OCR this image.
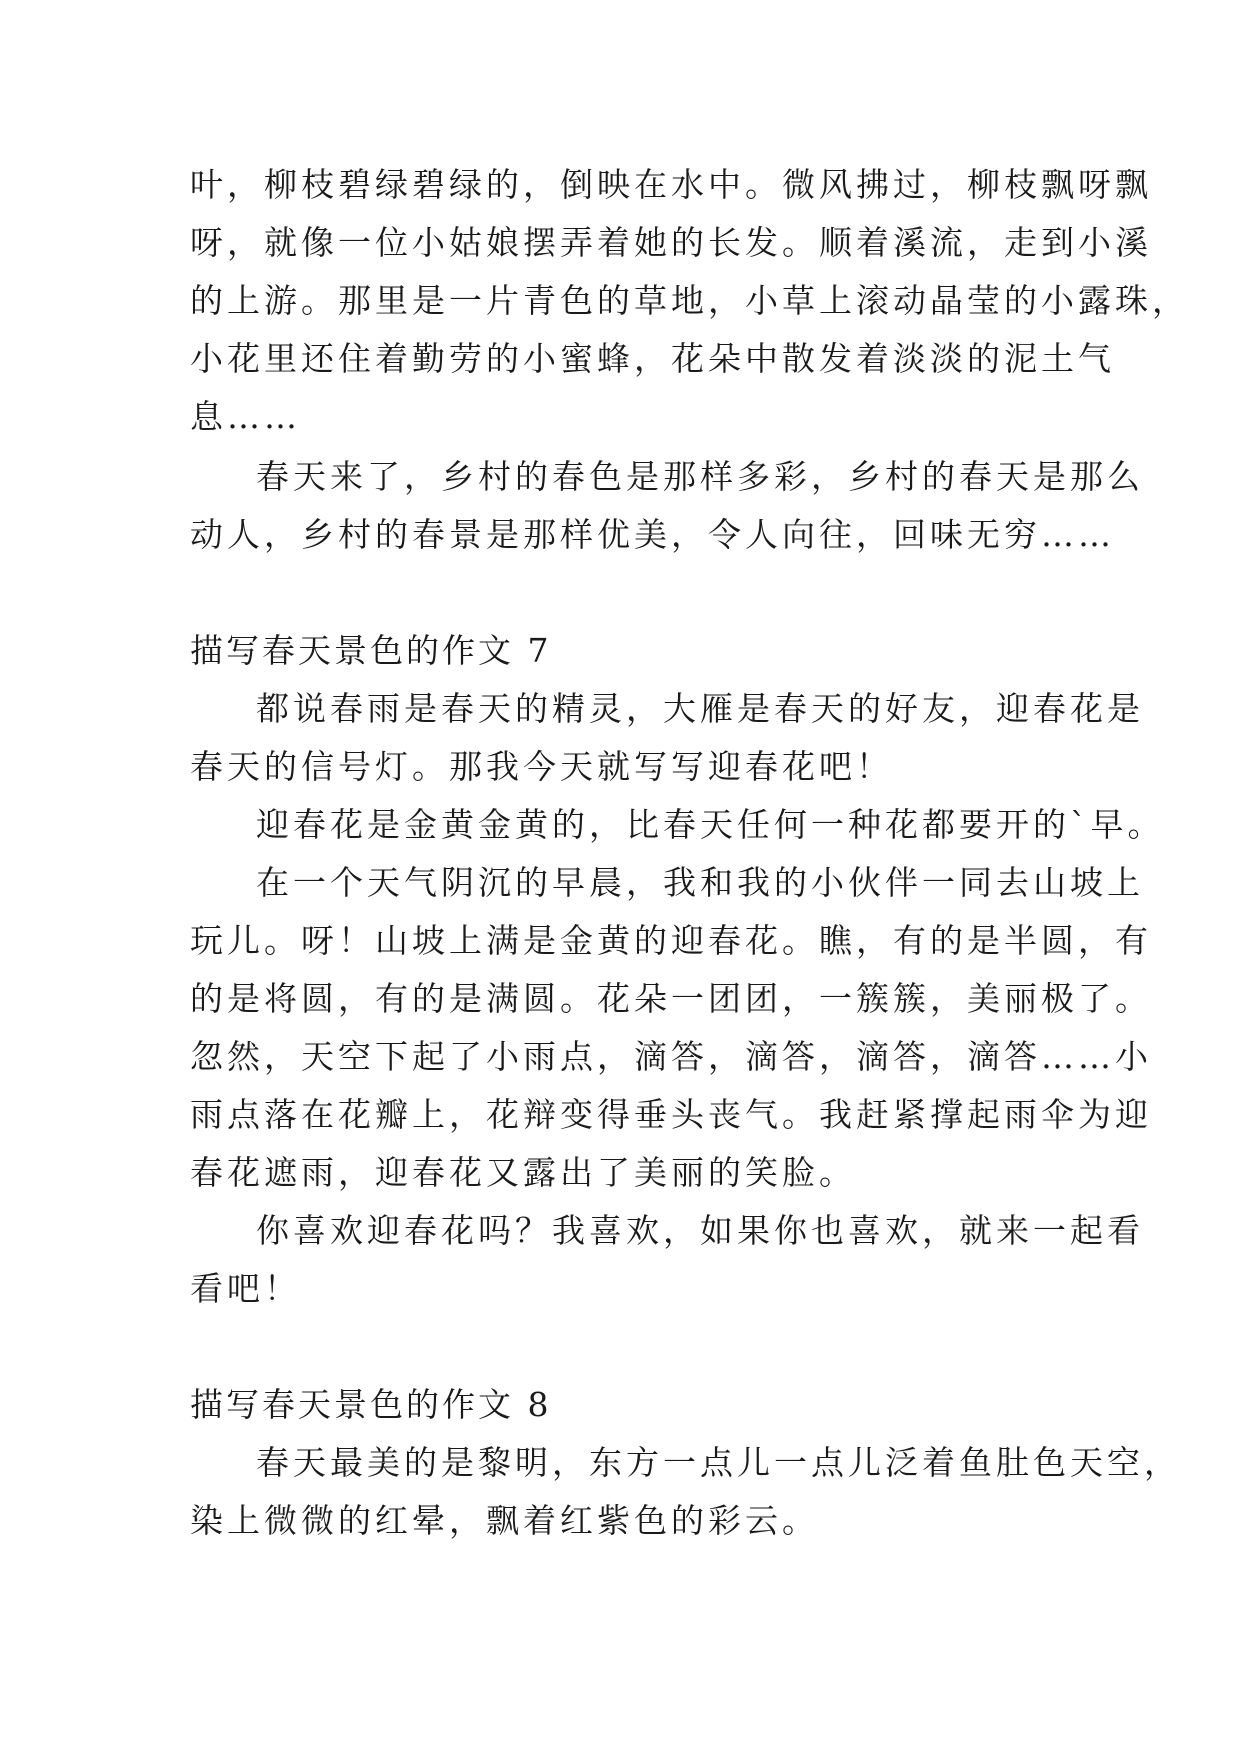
叶，柳枝碧绿碧绿的，倒映在水中。微风拂过，柳枝飘呀飘
呀，就像一位小姑娘摆弄着她的长发。顺着溪流，走到小溪
的上游。那里是一片青色的草地，小草上滚动晶莹的小露珠，
小花里还住着勤劳的小蜜蜂，花朵中散发着淡淡的泥土气
息……
春天来了，乡村的春色是那样多彩，乡村的春天是那么
动人，乡村的春景是那样优美，令人向往，回味无穷……
描写春天景色的作文 7
都说春雨是春天的精灵，大雁是春天的好友，迎春花是
春天的信号灯。那我今天就写写迎春花吧！
迎春花是金黄金黄的，比春天任何一种花都要开的`早。
在一个天气阴沉的早晨，我和我的小伙伴一同去山坡上
玩儿。呀！山坡上满是金黄的迎春花。瞧，有的是半圆，有
的是将圆，有的是满圆。花朵一团团，一簇簇，美丽极了。
忽然，天空下起了小雨点，滴答，滴答，滴答，滴答……小
雨点落在花瓣上，花辩变得垂头丧气。我赶紧撑起雨伞为迎
春花遮雨，迎春花又露出了美丽的笑脸。
你喜欢迎春花吗？我喜欢，如果你也喜欢，就来一起看
看吧！
描写春天景色的作文 8
春天最美的是黎明，东方一点儿一点儿泛着鱼肚色天空，
染上微微的红晕，飘着红紫色的彩云。
